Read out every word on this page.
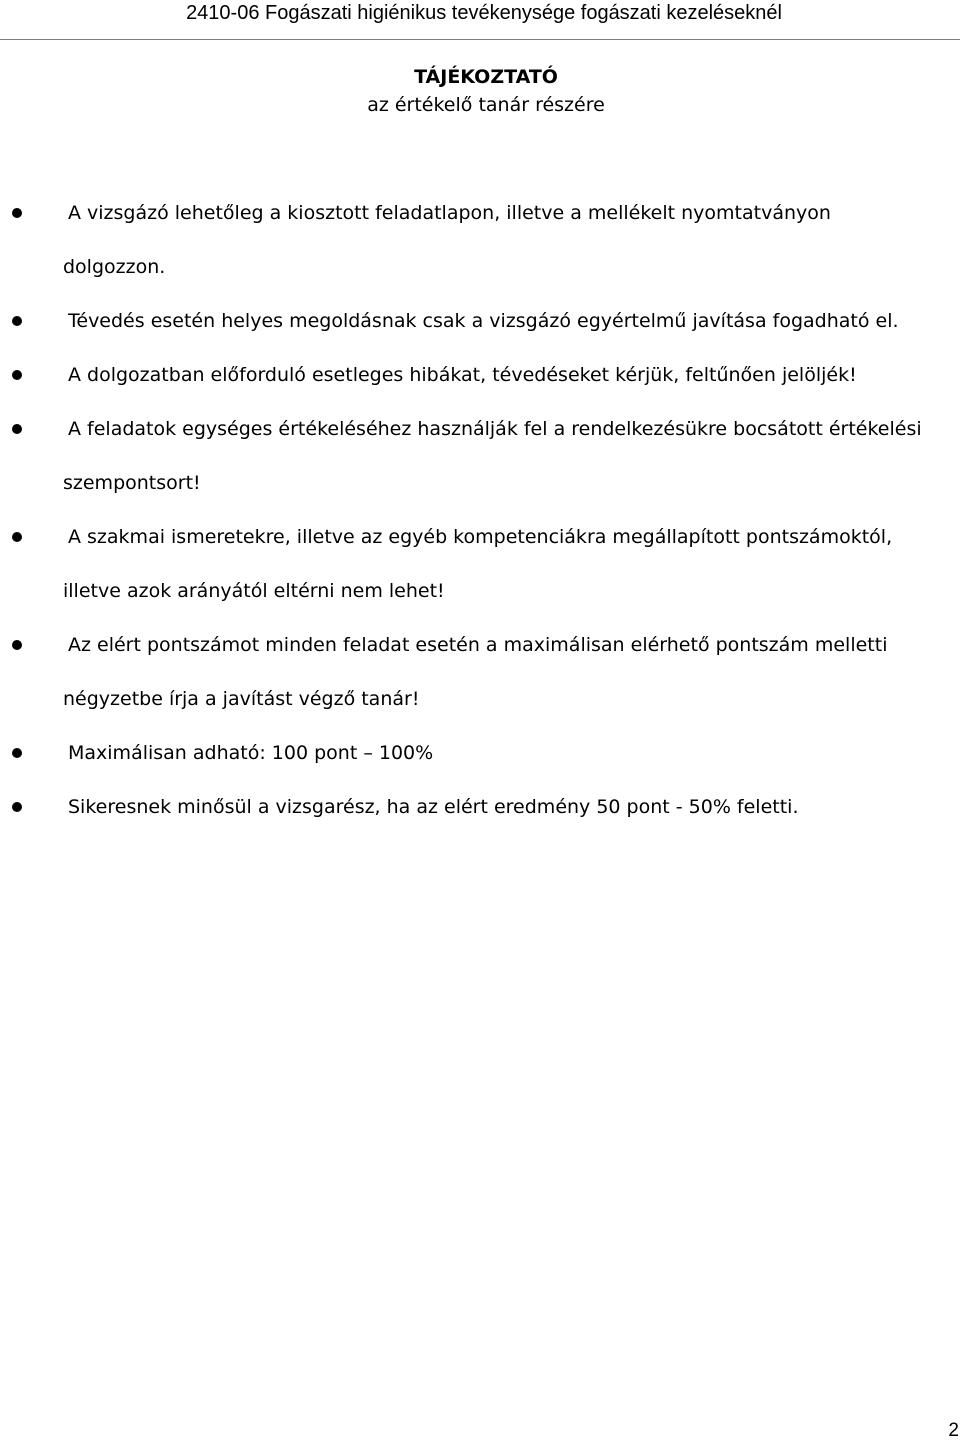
2410-06 Fogászati higiénikus tevékenysége fogászati kezeléseknél
TÁJÉKOZTATÓ
az értékelő tanár részére
A vizsgázó lehetőleg a kiosztott feladatlapon, illetve a mellékelt nyomtatványon
dolgozzon.
Tévedés esetén helyes megoldásnak csak a vizsgázó egyértelmű javítása fogadható el.
A dolgozatban előforduló esetleges hibákat, tévedéseket kérjük, feltűnően jelöljék!
A feladatok egységes értékeléséhez használják fel a rendelkezésükre bocsátott értékelési
szempontsort!
A szakmai ismeretekre, illetve az egyéb kompetenciákra megállapított pontszámoktól,
illetve azok arányától eltérni nem lehet!
Az elért pontszámot minden feladat esetén a maximálisan elérhető pontszám melletti
négyzetbe írja a javítást végző tanár!
Maximálisan adható: 100 pont – 100%
Sikeresnek minősül a vizsgarész, ha az elért eredmény 50 pont - 50% feletti.
2
